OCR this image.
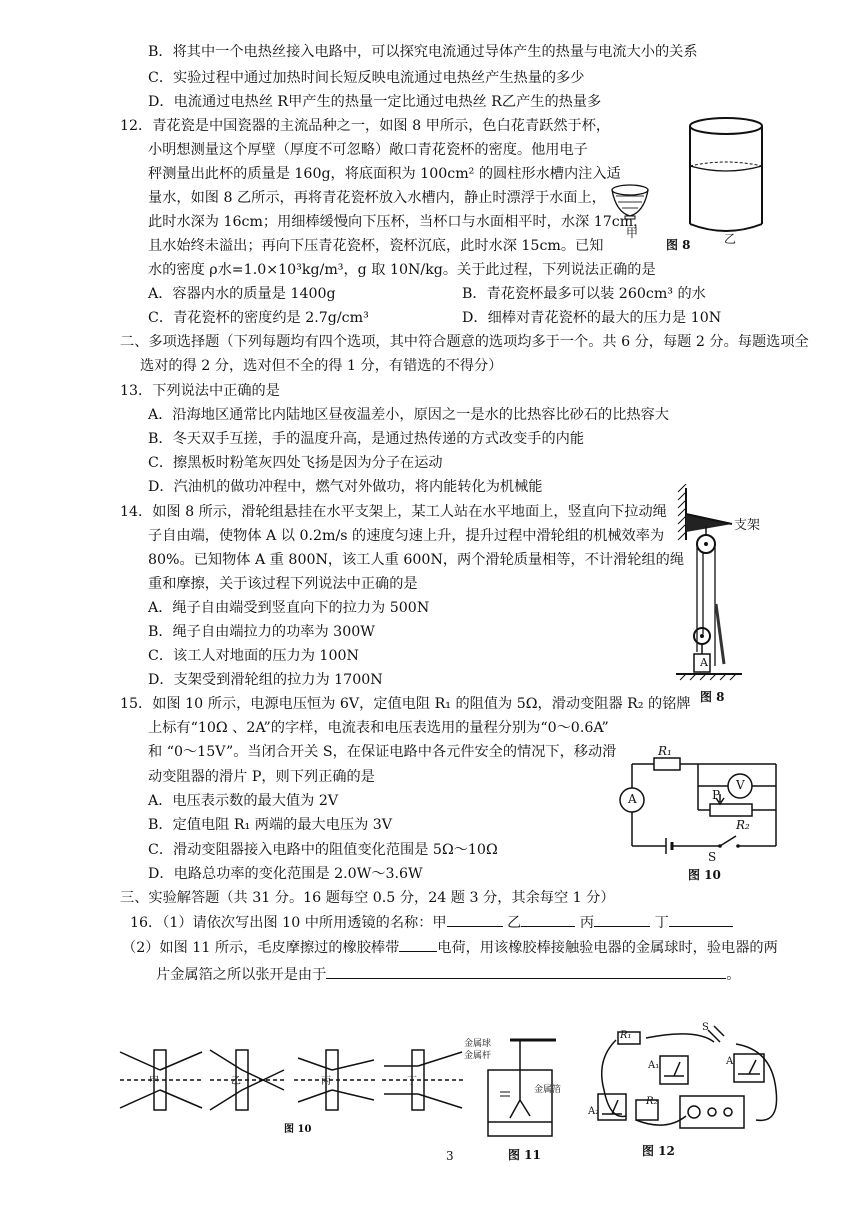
B．将其中一个电热丝接入电路中，可以探究电流通过导体产生的热量与电流大小的关系
C．实验过程中通过加热时间长短反映电流通过电热丝产生热量的多少
D．电流通过电热丝 R甲产生的热量一定比通过电热丝 R乙产生的热量多
12．青花瓷是中国瓷器的主流品种之一，如图 8 甲所示，色白花青跃然于杯，
小明想测量这个厚壁（厚度不可忽略）敞口青花瓷杯的密度。他用电子
秤测量出此杯的质量是 160g，将底面积为 100cm² 的圆柱形水槽内注入适
量水，如图 8 乙所示，再将青花瓷杯放入水槽内，静止时漂浮于水面上，
此时水深为 16cm；用细棒缓慢向下压杯，当杯口与水面相平时，水深 17cm，
且水始终未溢出；再向下压青花瓷杯，瓷杯沉底，此时水深 15cm。已知
水的密度 ρ水=1.0×10³kg/m³，g 取 10N/kg。关于此过程，下列说法正确的是
A．容器内水的质量是 1400g	B．青花瓷杯最多可以装 260cm³ 的水
C．青花瓷杯的密度约是 2.7g/cm³	D．细棒对青花瓷杯的最大的压力是 10N
甲	乙
图 8
二、多项选择题（下列每题均有四个选项，其中符合题意的选项均多于一个。共 6 分，每题 2 分。每题选项全
选对的得 2 分，选对但不全的得 1 分，有错选的不得分）
13．下列说法中正确的是
A．沿海地区通常比内陆地区昼夜温差小，原因之一是水的比热容比砂石的比热容大
B．冬天双手互搓，手的温度升高，是通过热传递的方式改变手的内能
C．擦黑板时粉笔灰四处飞扬是因为分子在运动
D．汽油机的做功冲程中，燃气对外做功，将内能转化为机械能
14．如图 8 所示，滑轮组悬挂在水平支架上，某工人站在水平地面上，竖直向下拉动绳
子自由端，使物体 A 以 0.2m/s 的速度匀速上升，提升过程中滑轮组的机械效率为
80%。已知物体 A 重 800N，该工人重 600N，两个滑轮质量相等，不计滑轮组的绳
重和摩擦，关于该过程下列说法中正确的是
A．绳子自由端受到竖直向下的拉力为 500N
B．绳子自由端拉力的功率为 300W
C．该工人对地面的压力为 100N
D．支架受到滑轮组的拉力为 1700N
支架
A
图 8
15．如图 10 所示，电源电压恒为 6V，定值电阻 R₁ 的阻值为 5Ω，滑动变阻器 R₂ 的铭牌
上标有“10Ω 、2A”的字样，电流表和电压表选用的量程分别为“0～0.6A”
和 “0～15V”。当闭合开关 S，在保证电路中各元件安全的情况下，移动滑
动变阻器的滑片 P，则下列正确的是
A．电压表示数的最大值为 2V
B．定值电阻 R₁ 两端的最大电压为 3V
C．滑动变阻器接入电路中的阻值变化范围是 5Ω～10Ω
D．电路总功率的变化范围是 2.0W～3.6W
R₁
V
A	P
R₂
S
图 10
三、实验解答题（共 31 分。16 题每空 0.5 分，24 题 3 分，其余每空 1 分）
16．（1）请依次写出图 10 中所用透镜的名称：甲	乙	丙	丁
（2）如图 11 所示，毛皮摩擦过的橡胶棒带	电荷，用该橡胶棒接触验电器的金属球时，验电器的两
片金属箔之所以张开是由于	。
甲	乙	丙	丁
图 10
3
金属球
金属杆
金属箔
图 11
R₁
A₁	A
A₂
R₂
S
图 12
